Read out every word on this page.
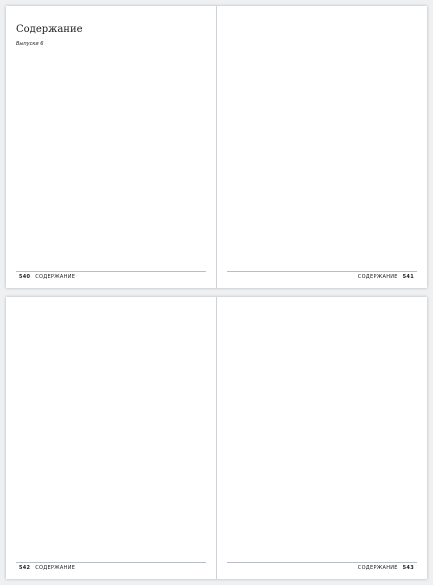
Содержание
Выпуски 6
540 СОДЕРЖАНИЕ	СОДЕРЖАНИЕ 541
542 СОДЕРЖАНИЕ	СОДЕРЖАНИЕ 543
